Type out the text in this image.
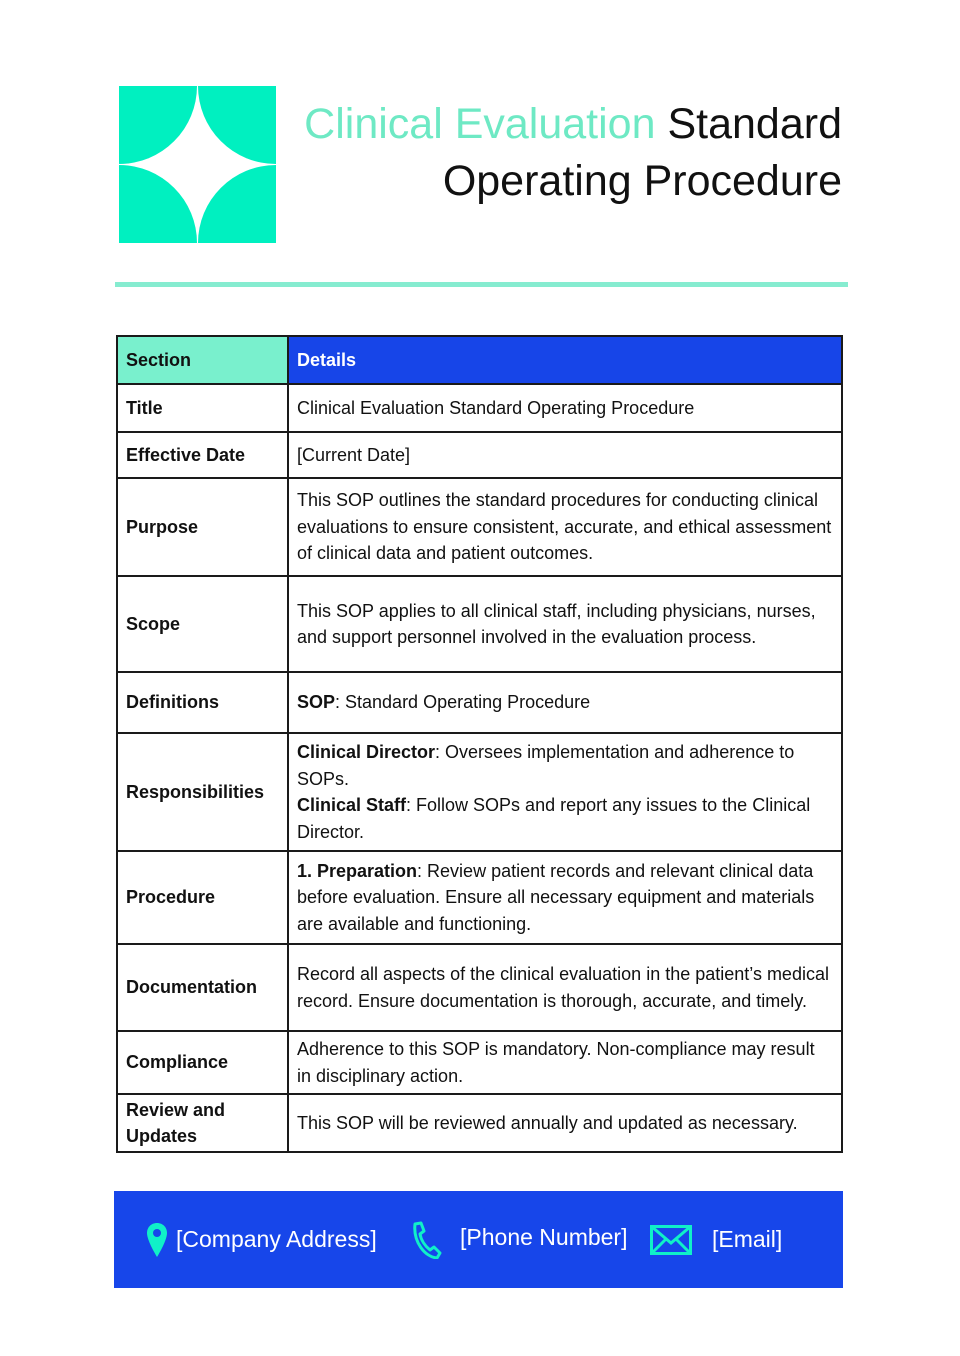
Clinical Evaluation Standard
Operating Procedure
Section	Details
Title	Clinical Evaluation Standard Operating Procedure
Effective Date	[Current Date]
Purpose	This SOP outlines the standard procedures for conducting clinical evaluations to ensure consistent, accurate, and ethical assessment of clinical data and patient outcomes.
Scope	This SOP applies to all clinical staff, including physicians, nurses, and support personnel involved in the evaluation process.
Definitions	SOP: Standard Operating Procedure
Responsibilities	Clinical Director: Oversees implementation and adherence to SOPs.
Clinical Staff: Follow SOPs and report any issues to the Clinical Director.

Procedure	1. Preparation: Review patient records and relevant clinical data before evaluation. Ensure all necessary equipment and materials are available and functioning.
Documentation	Record all aspects of the clinical evaluation in the patient’s medical record. Ensure documentation is thorough, accurate, and timely.
Compliance	Adherence to this SOP is mandatory. Non-compliance may result in disciplinary action.
Review and Updates	This SOP will be reviewed annually and updated as necessary.
[Company Address]	[Phone Number]	[Email]
